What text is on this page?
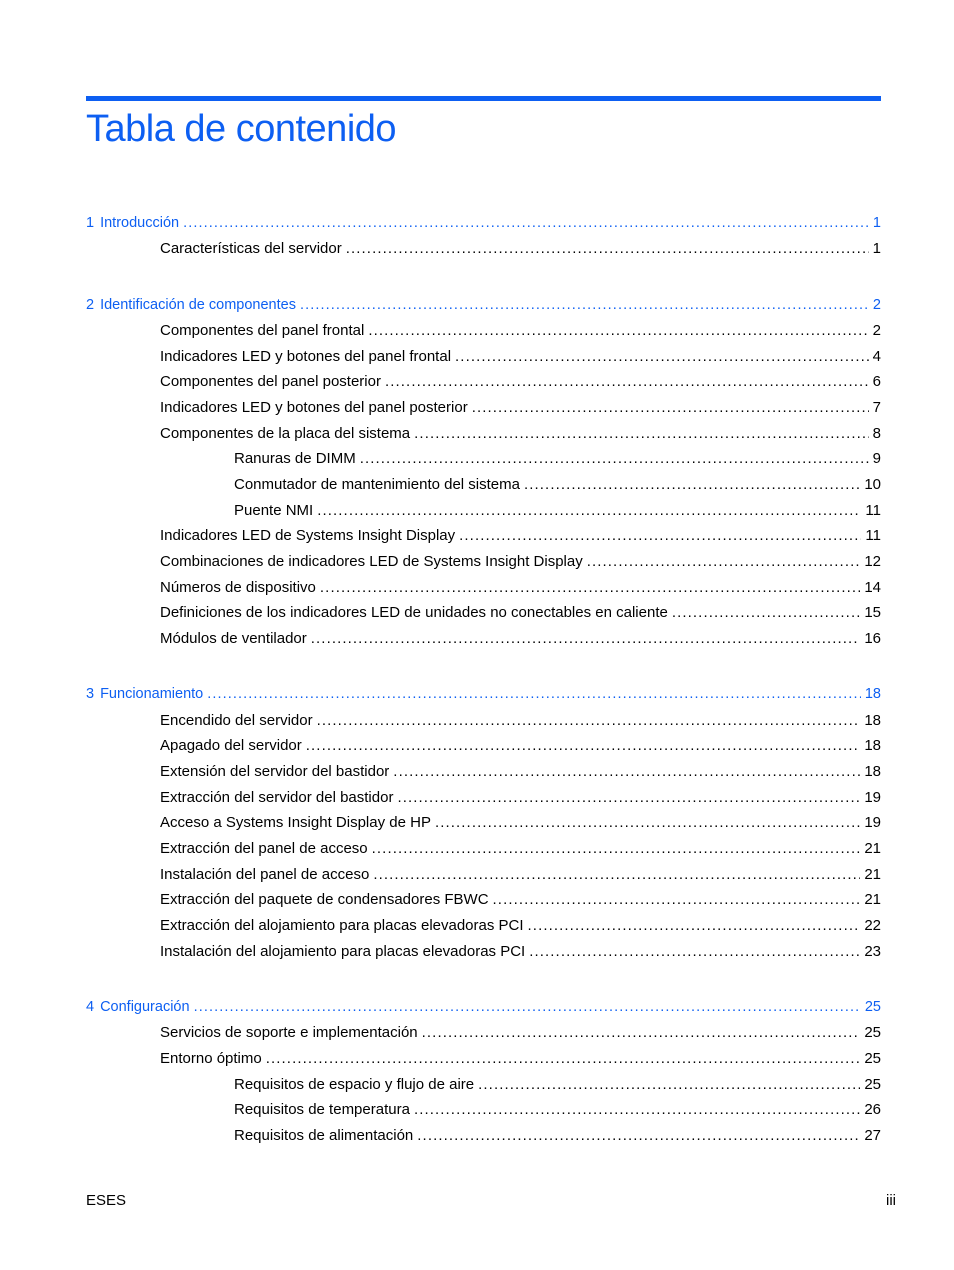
Tabla de contenido
1 Introducción .....	1
Características del servidor .....	1
2 Identificación de componentes .....	2
Componentes del panel frontal .....	2
Indicadores LED y botones del panel frontal .....	4
Componentes del panel posterior .....	6
Indicadores LED y botones del panel posterior .....	7
Componentes de la placa del sistema .....	8
Ranuras de DIMM .....	9
Conmutador de mantenimiento del sistema .....	10
Puente NMI .....	11
Indicadores LED de Systems Insight Display .....	11
Combinaciones de indicadores LED de Systems Insight Display .....	12
Números de dispositivo .....	14
Definiciones de los indicadores LED de unidades no conectables en caliente .....	15
Módulos de ventilador .....	16
3 Funcionamiento .....	18
Encendido del servidor .....	18
Apagado del servidor .....	18
Extensión del servidor del bastidor .....	18
Extracción del servidor del bastidor .....	19
Acceso a Systems Insight Display de HP .....	19
Extracción del panel de acceso .....	21
Instalación del panel de acceso .....	21
Extracción del paquete de condensadores FBWC .....	21
Extracción del alojamiento para placas elevadoras PCI .....	22
Instalación del alojamiento para placas elevadoras PCI .....	23
4 Configuración .....	25
Servicios de soporte e implementación .....	25
Entorno óptimo .....	25
Requisitos de espacio y flujo de aire .....	25
Requisitos de temperatura .....	26
Requisitos de alimentación .....	27
ESES	iii
